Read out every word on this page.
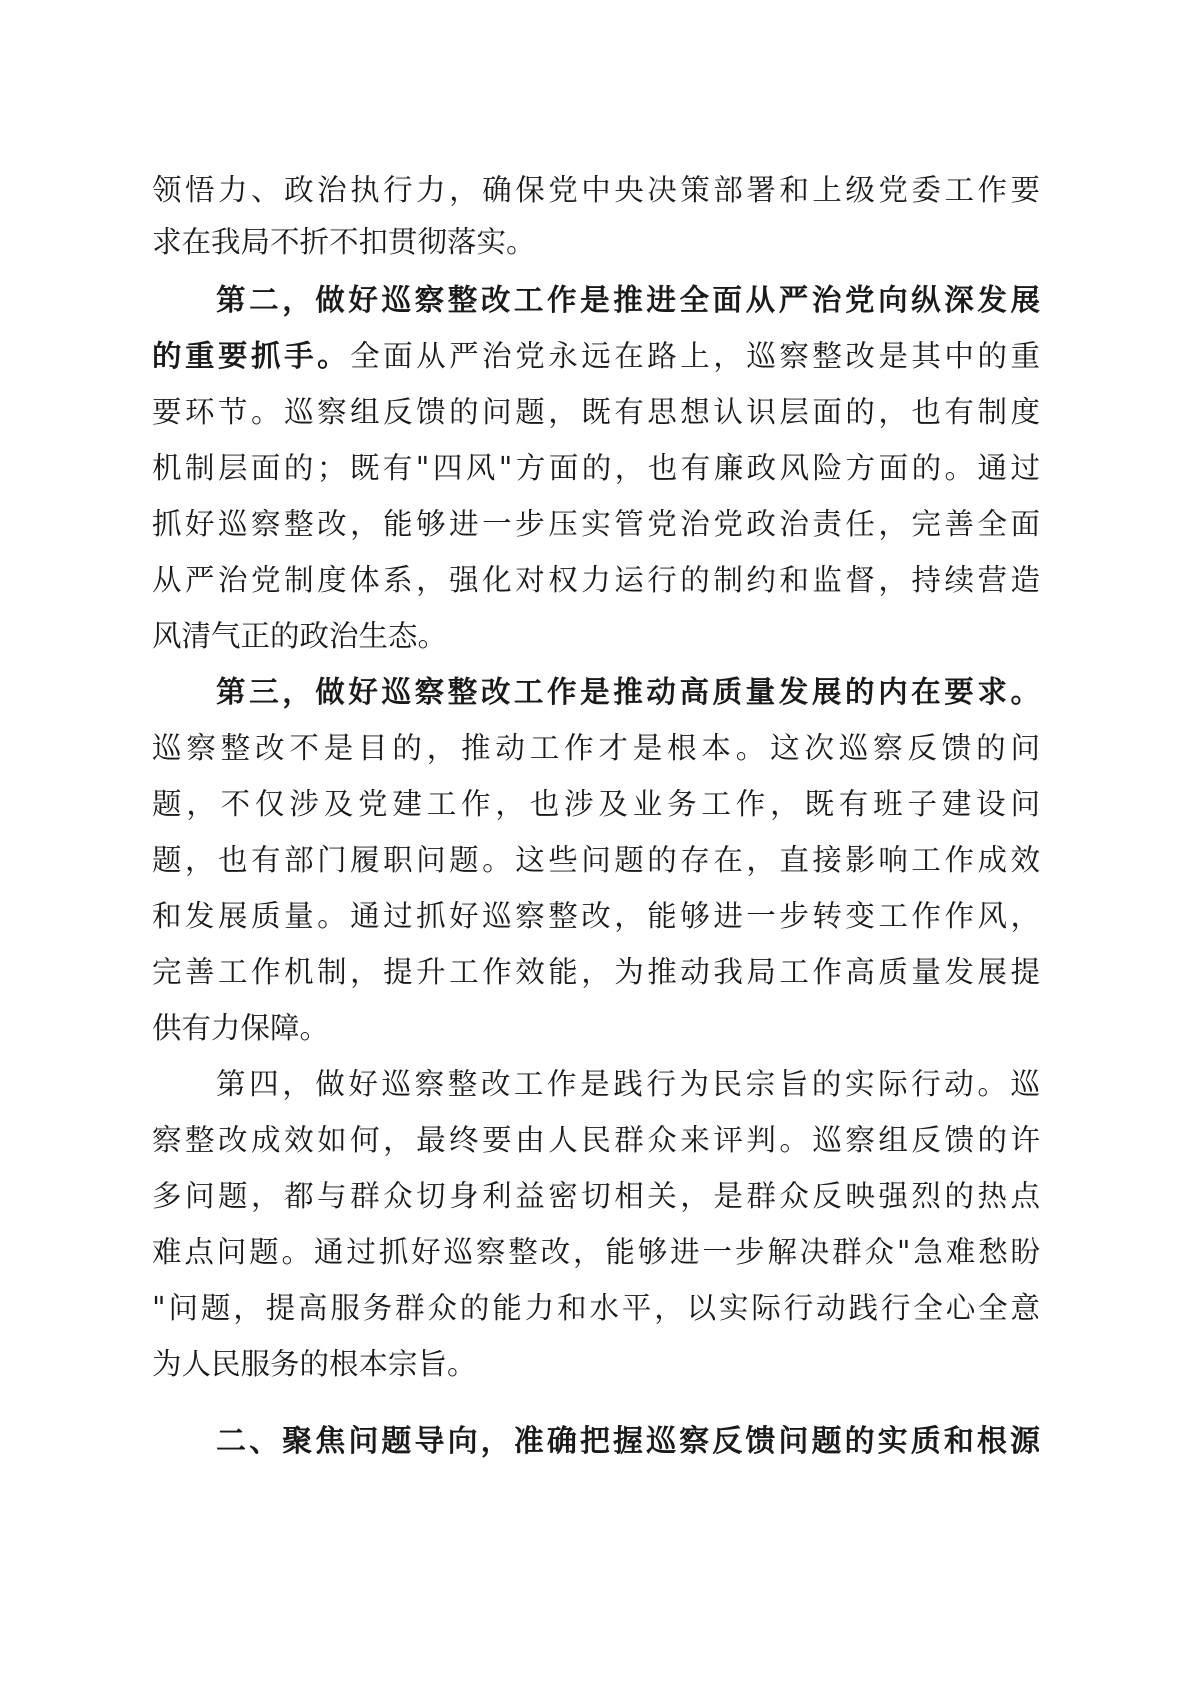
领悟力、政治执行力，确保党中央决策部署和上级党委工作要
求在我局不折不扣贯彻落实。
第二，做好巡察整改工作是推进全面从严治党向纵深发展
的重要抓手。全面从严治党永远在路上，巡察整改是其中的重
要环节。巡察组反馈的问题，既有思想认识层面的，也有制度
机制层面的；既有"四风"方面的，也有廉政风险方面的。通过
抓好巡察整改，能够进一步压实管党治党政治责任，完善全面
从严治党制度体系，强化对权力运行的制约和监督，持续营造
风清气正的政治生态。
第三，做好巡察整改工作是推动高质量发展的内在要求。
巡察整改不是目的，推动工作才是根本。这次巡察反馈的问
题，不仅涉及党建工作，也涉及业务工作，既有班子建设问
题，也有部门履职问题。这些问题的存在，直接影响工作成效
和发展质量。通过抓好巡察整改，能够进一步转变工作作风，
完善工作机制，提升工作效能，为推动我局工作高质量发展提
供有力保障。
第四，做好巡察整改工作是践行为民宗旨的实际行动。巡
察整改成效如何，最终要由人民群众来评判。巡察组反馈的许
多问题，都与群众切身利益密切相关，是群众反映强烈的热点
难点问题。通过抓好巡察整改，能够进一步解决群众"急难愁盼
"问题，提高服务群众的能力和水平，以实际行动践行全心全意
为人民服务的根本宗旨。
二、聚焦问题导向，准确把握巡察反馈问题的实质和根源
